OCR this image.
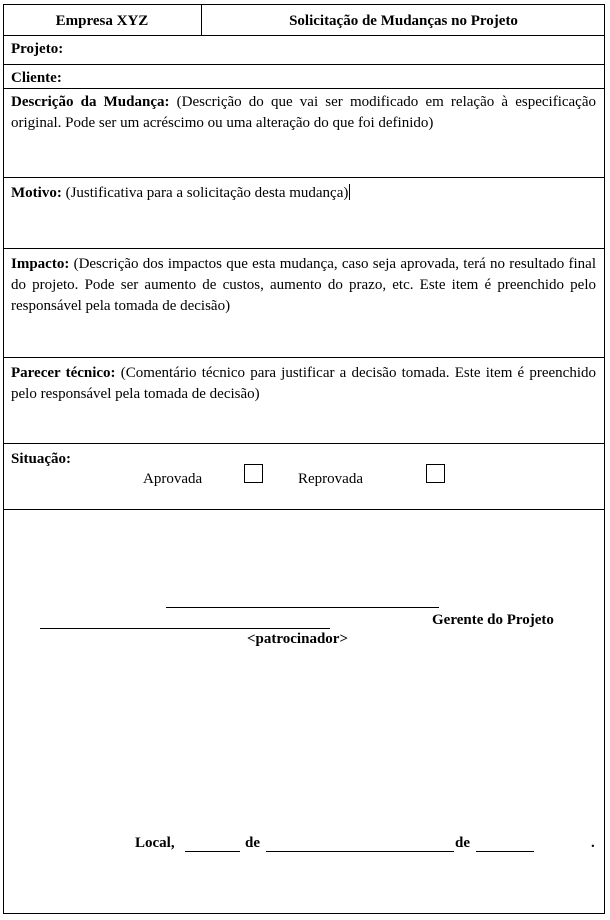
Empresa XYZ	Solicitação de Mudanças no Projeto
Projeto:
Cliente:
Descrição da Mudança: (Descrição do que vai ser modificado em relação à especificação original. Pode ser um acréscimo ou uma alteração do que foi definido)
Motivo: (Justificativa para a solicitação desta mudança)
Impacto: (Descrição dos impactos que esta mudança, caso seja aprovada, terá no resultado final do projeto. Pode ser aumento de custos, aumento do prazo, etc. Este item é preenchido pelo responsável pela tomada de decisão)
Parecer técnico: (Comentário técnico para justificar a decisão tomada. Este item é preenchido pelo responsável pela tomada de decisão)
Situação:
Aprovada	Reprovada
Gerente do Projeto
<patrocinador>
Local,	de	de	.
